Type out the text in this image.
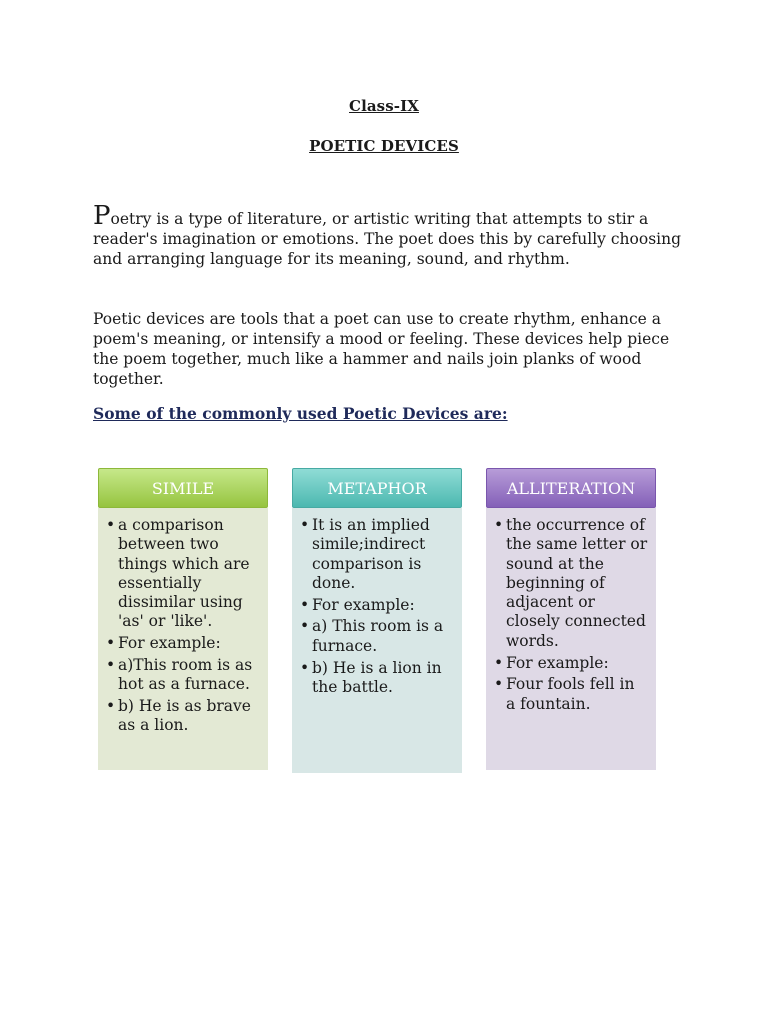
Class-IX
POETIC DEVICES

Poetry is a type of literature, or artistic writing that attempts to stir a reader's imagination or emotions. The poet does this by carefully choosing and arranging language for its meaning, sound, and rhythm.

Poetic devices are tools that a poet can use to create rhythm, enhance a poem's meaning, or intensify a mood or feeling. These devices help piece the poem together, much like a hammer and nails join planks of wood together.

Some of the commonly used Poetic Devices are:
SIMILE
• a comparison between two things which are essentially dissimilar using 'as' or 'like'.
• For example:
• a)This room is as hot as a furnace.
• b) He is as brave as a lion.
METAPHOR
• It is an implied simile;indirect comparison is done.
• For example:
• a) This room is a furnace.
• b) He is a lion in the battle.
ALLITERATION
• the occurrence of the same letter or sound at the beginning of adjacent or closely connected words.
• For example:
• Four fools fell in a fountain.
